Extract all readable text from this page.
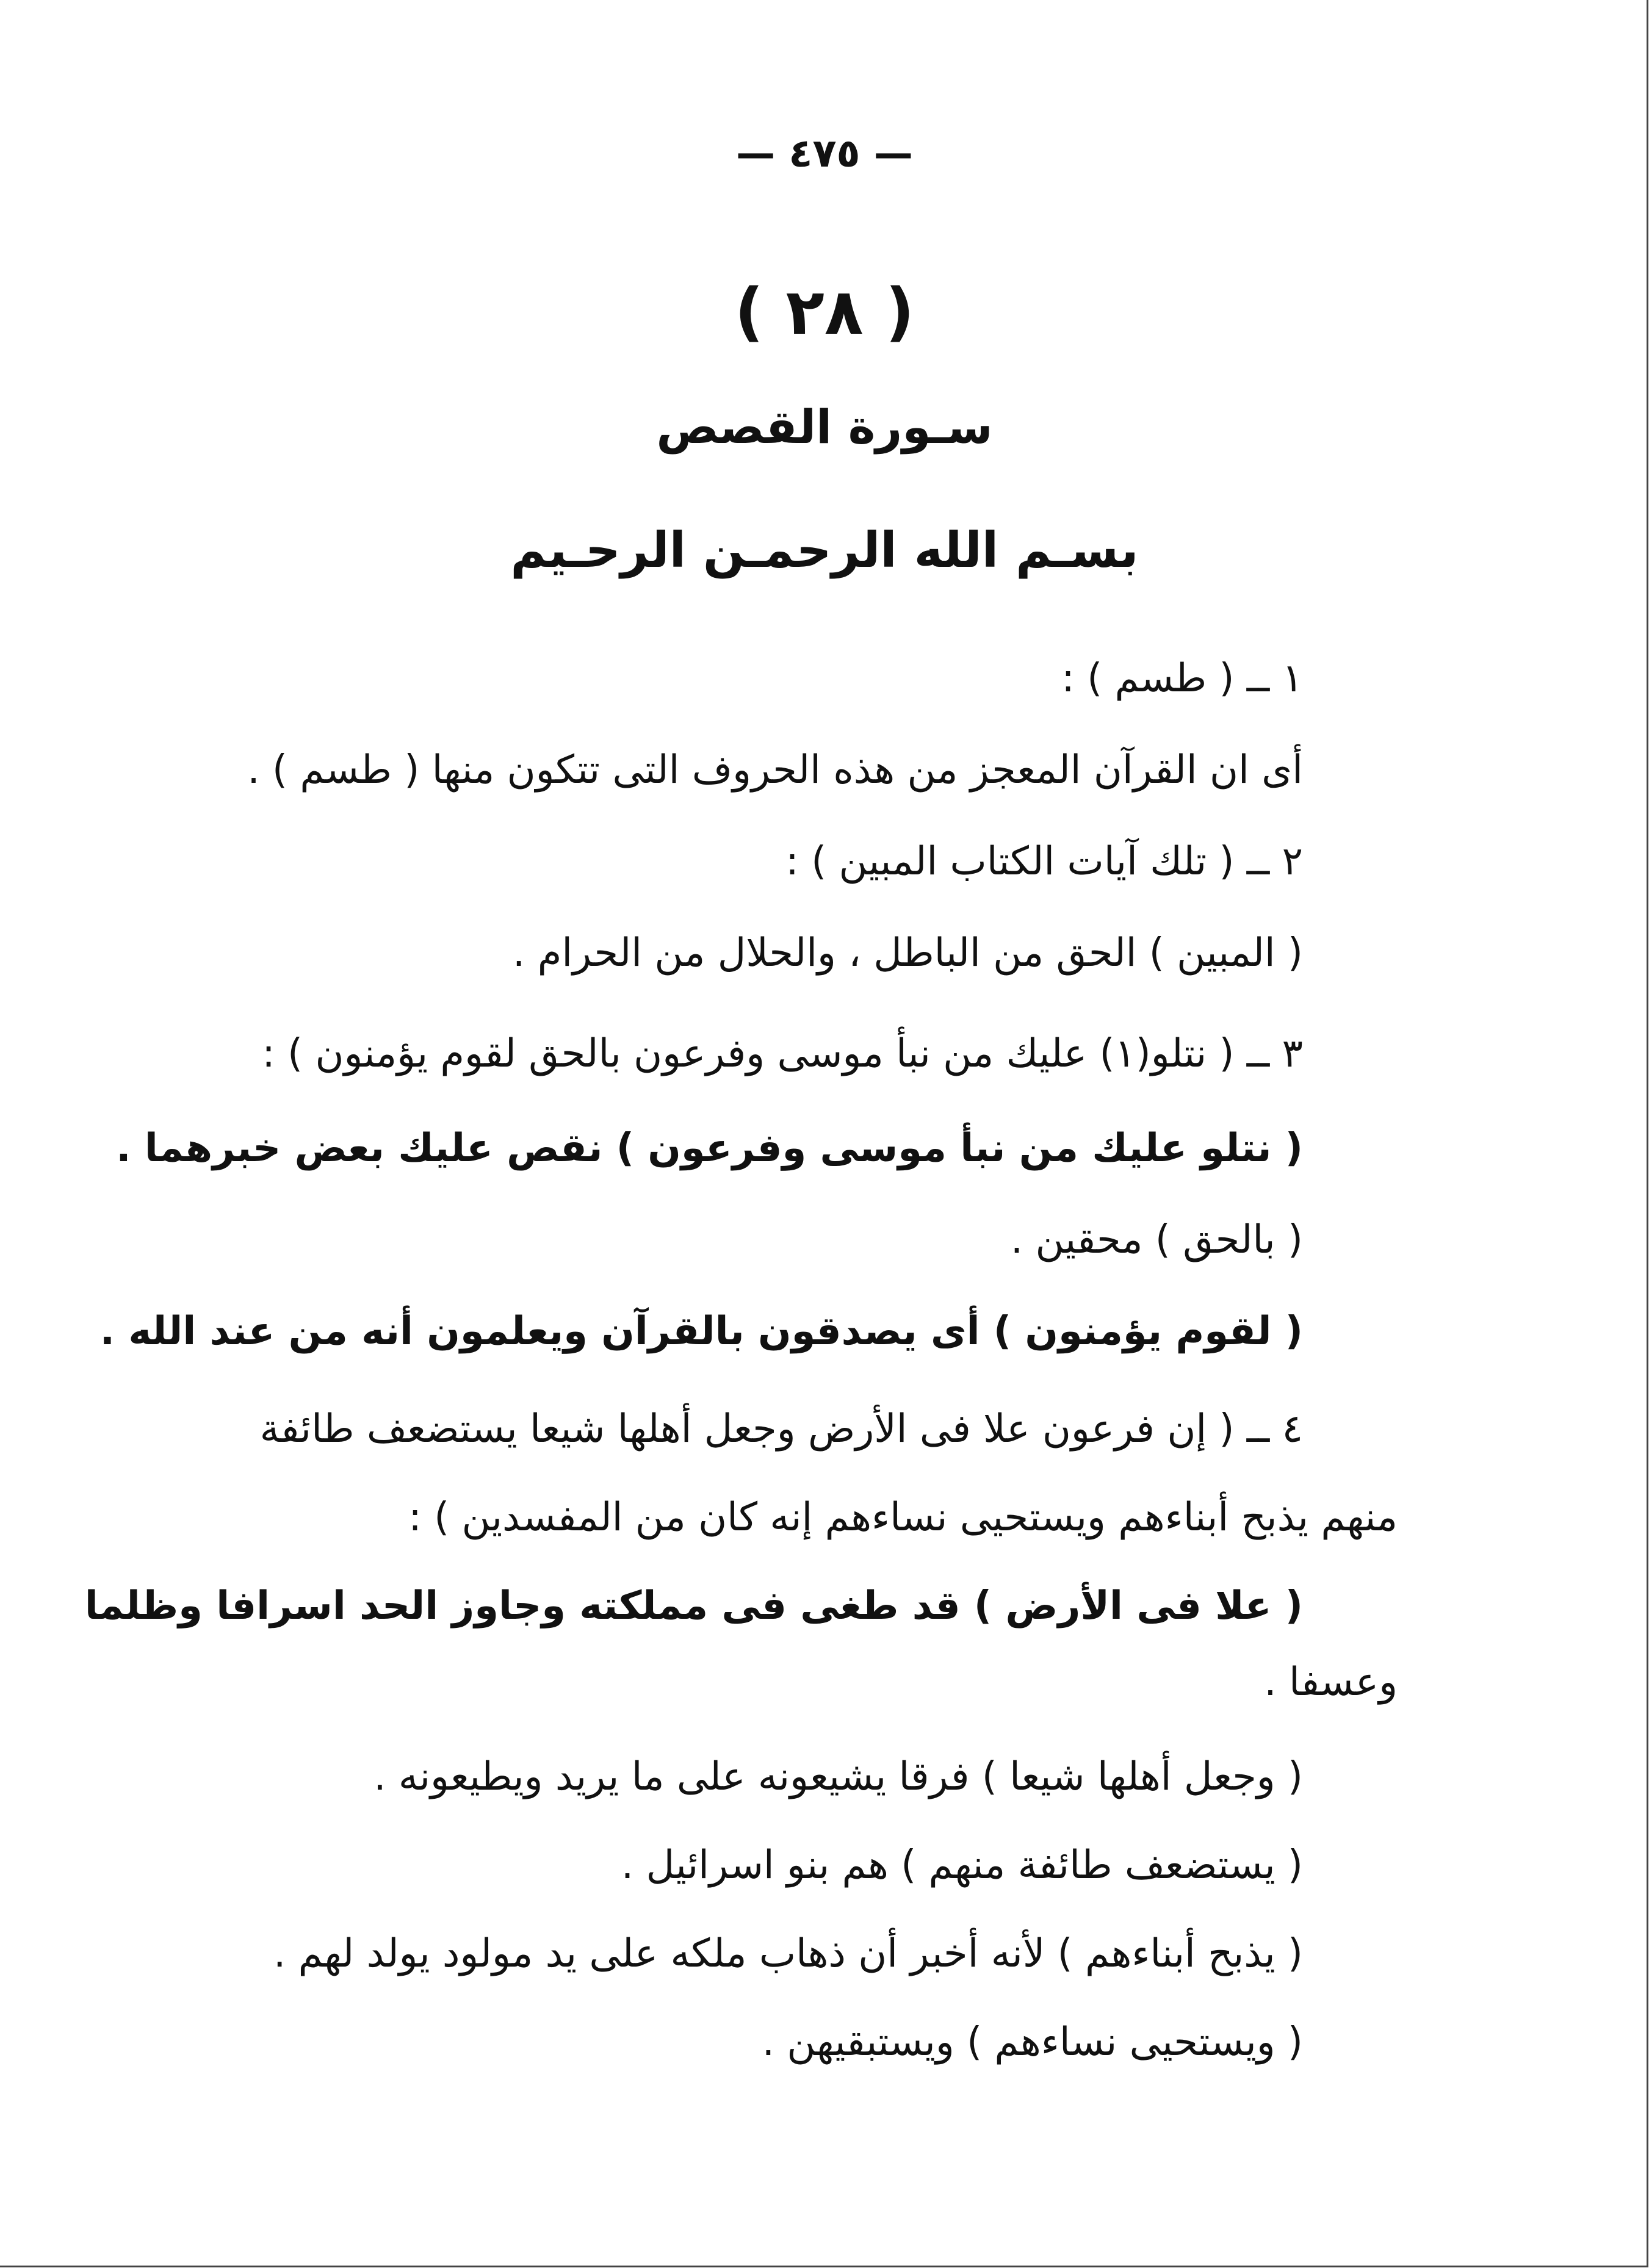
— ٤٧٥ —
( ٢٨ )
سـورة القصص
بسـم الله الرحمـن الرحـيم
١ ــ ( طسم ) :
أى ان القرآن المعجز من هذه الحروف التى تتكون منها ( طسم ) .
٢ ــ ( تلك آيات الكتاب المبين ) :
( المبين ) الحق من الباطل ، والحلال من الحرام .
٣ ــ ( نتلو(١) عليك من نبأ موسى وفرعون بالحق لقوم يؤمنون ) :
( نتلو عليك من نبأ موسى وفرعون ) نقص عليك بعض خبرهما .
( بالحق ) محقين .
( لقوم يؤمنون ) أى يصدقون بالقرآن ويعلمون أنه من عند الله .
٤ ــ ( إن فرعون علا فى الأرض وجعل أهلها شيعا يستضعف طائفة
منهم يذبح أبناءهم ويستحيى نساءهم إنه كان من المفسدين ) :
( علا فى الأرض ) قد طغى فى مملكته وجاوز الحد اسرافا وظلما
وعسفا .
( وجعل أهلها شيعا ) فرقا يشيعونه على ما يريد ويطيعونه .
( يستضعف طائفة منهم ) هم بنو اسرائيل .
( يذبح أبناءهم ) لأنه أخبر أن ذهاب ملكه على يد مولود يولد لهم .
( ويستحيى نساءهم ) ويستبقيهن .
